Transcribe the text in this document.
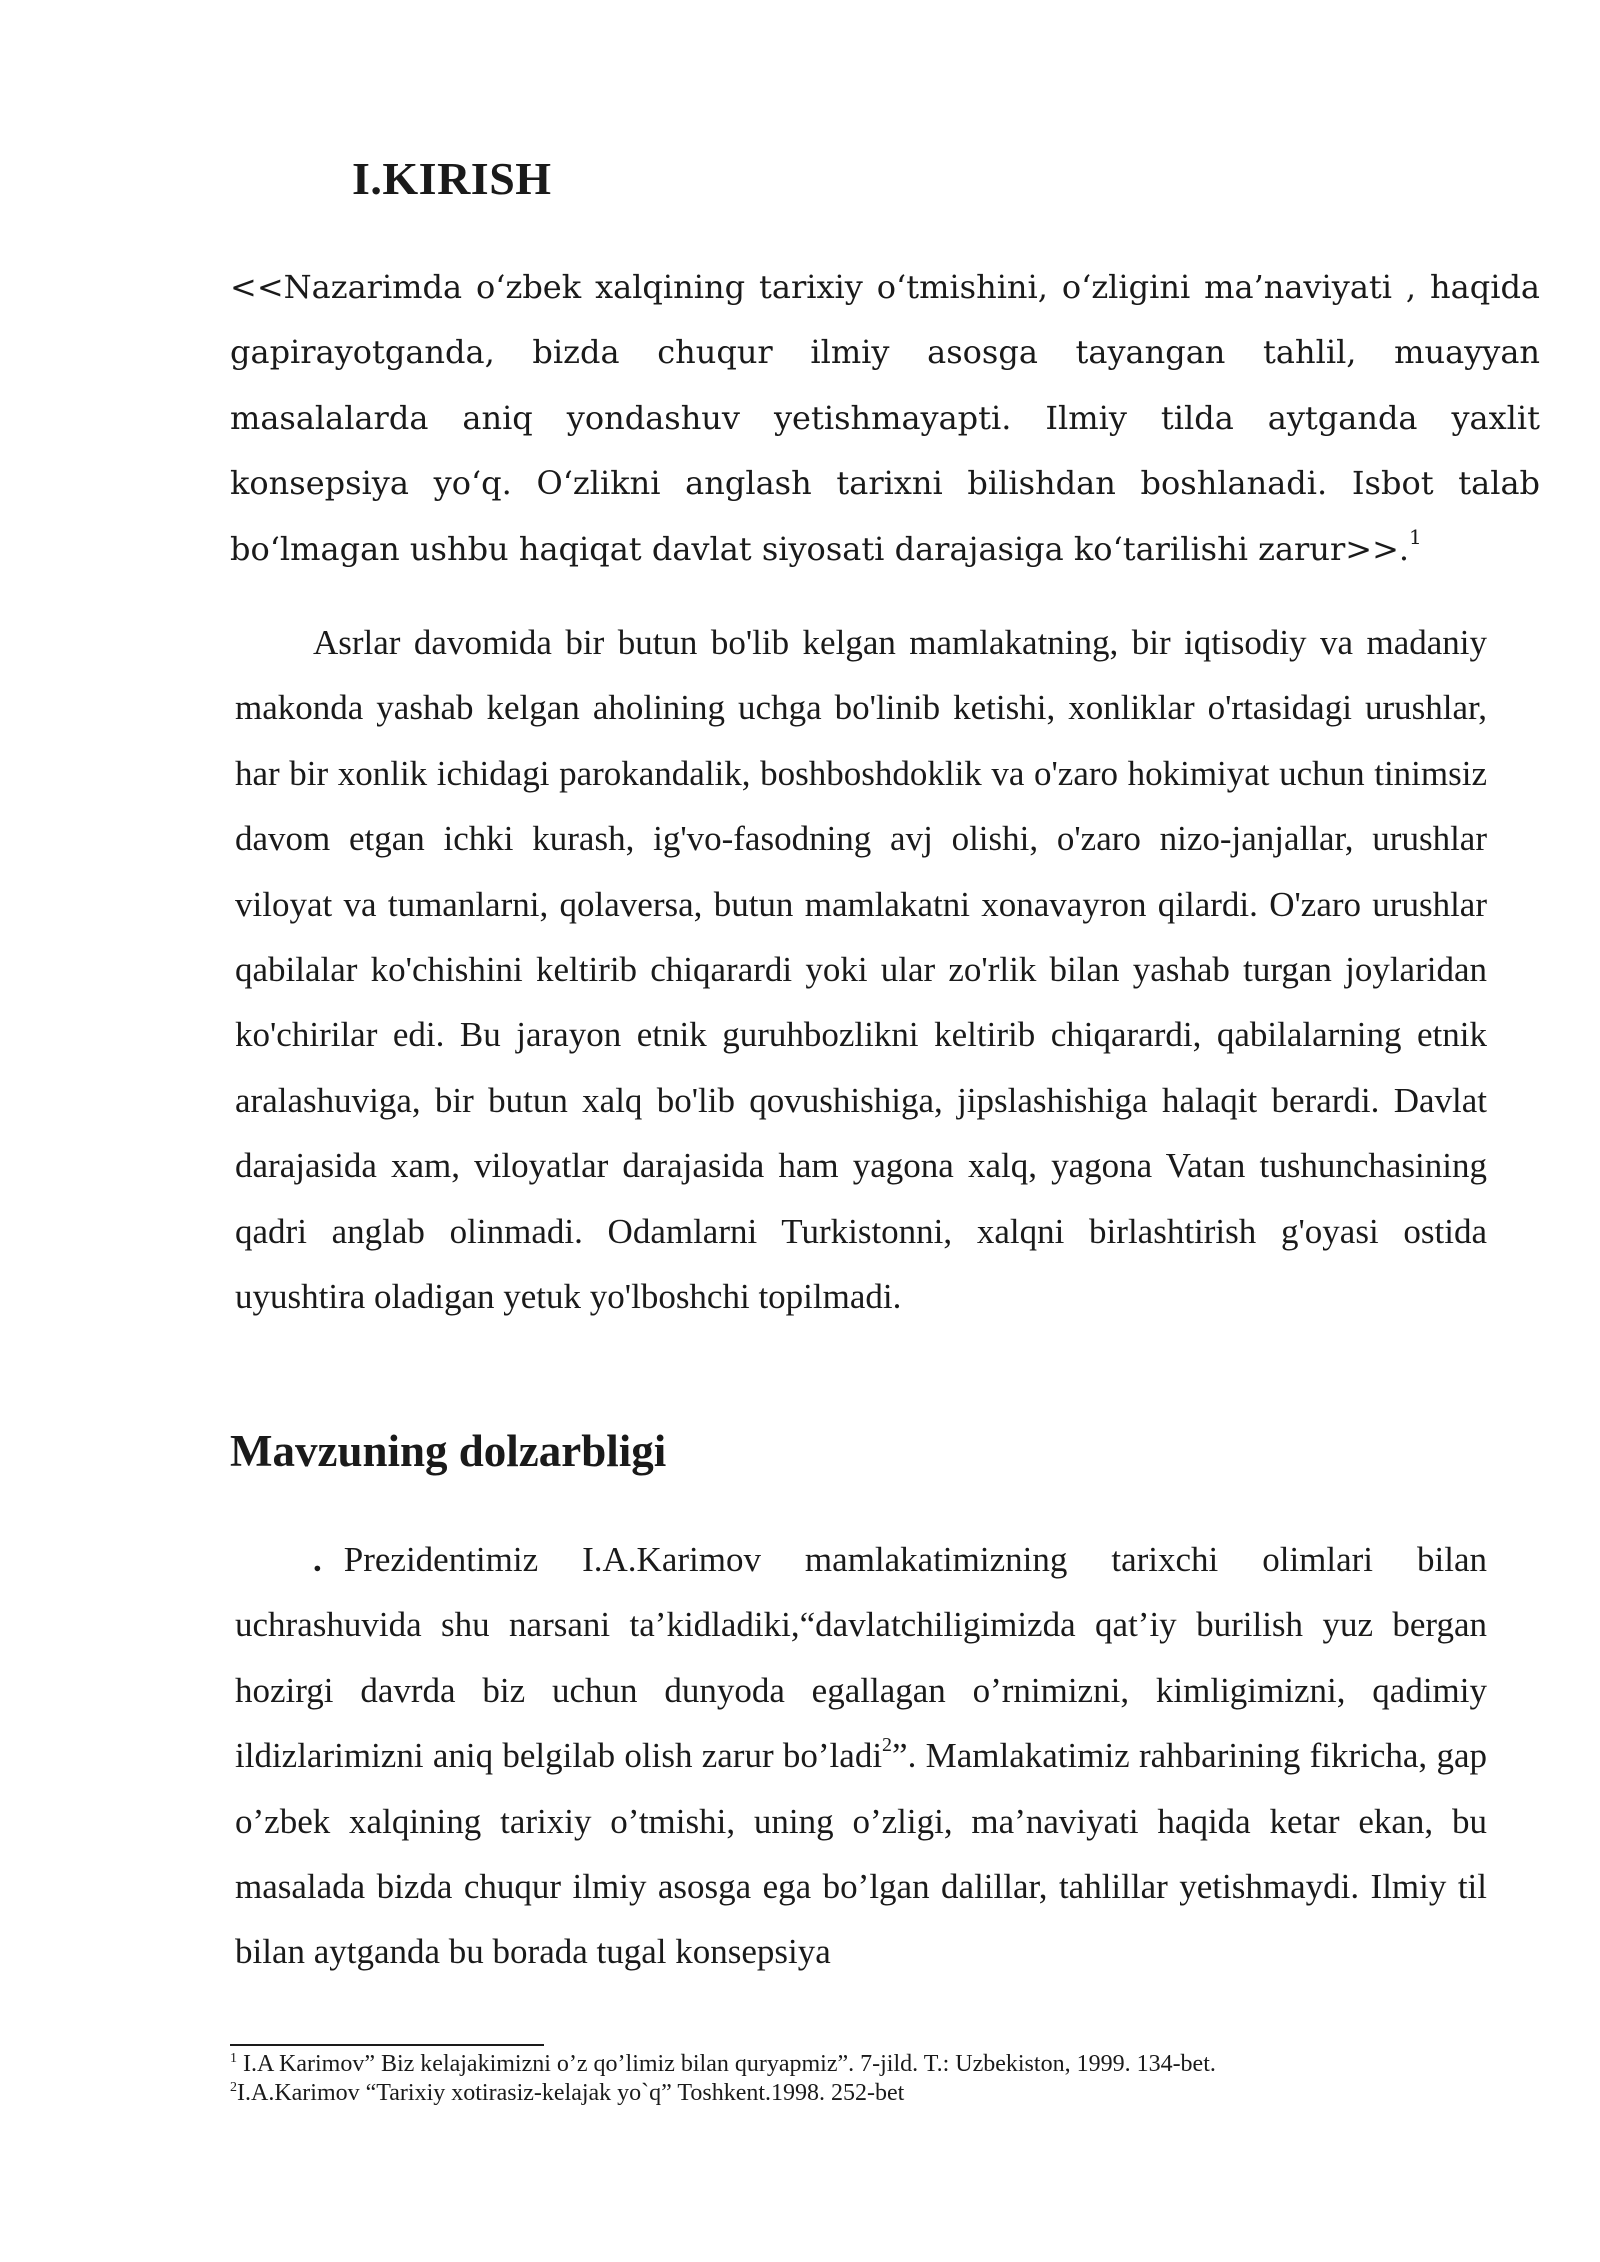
I.KIRISH

<<Nazarimda o‘zbek xalqining tarixiy o‘tmishini, o‘zligini ma’naviyati , haqida gapirayotganda, bizda chuqur ilmiy asosga tayangan tahlil, muayyan masalalarda aniq yondashuv yetishmayapti. Ilmiy tilda aytganda yaxlit konsepsiya yo‘q. O‘zlikni anglash tarixni bilishdan boshlanadi. Isbot talab bo‘lmagan ushbu haqiqat davlat siyosati darajasiga ko‘tarilishi zarur>>.$^1$

Asrlar davomida bir butun bo'lib kelgan mamlakatning, bir iqtisodiy va madaniy makonda yashab kelgan aholining uchga bo'linib ketishi, xonliklar o'rtasidagi urushlar, har bir xonlik ichidagi parokandalik, boshboshdoklik va o'zaro hokimiyat uchun tinimsiz davom etgan ichki kurash, ig'vo-fasodning avj olishi, o'zaro nizo-janjallar, urushlar viloyat va tumanlarni, qolaversa, butun mamlakatni xonavayron qilardi. O'zaro urushlar qabilalar ko'chishini keltirib chiqarardi yoki ular zo'rlik bilan yashab turgan joylaridan ko'chirilar edi. Bu jarayon etnik guruhbozlikni keltirib chiqarardi, qabilalarning etnik aralashuviga, bir butun xalq bo'lib qovushishiga, jipslashishiga halaqit berardi. Davlat darajasida xam, viloyatlar darajasida ham yagona xalq, yagona Vatan tushunchasining qadri anglab olinmadi. Odamlarni Turkistonni, xalqni birlashtirish g'oyasi ostida uyushtira oladigan yetuk yo'lboshchi topilmadi.

Mavzuning dolzarbligi

. Prezidentimiz I.A.Karimov mamlakatimizning tarixchi olimlari bilan uchrashuvida shu narsani ta’kidladiki,“davlatchiligimizda qat’iy burilish yuz bergan hozirgi davrda biz uchun dunyoda egallagan o’rnimizni, kimligimizni, qadimiy ildizlarimizni aniq belgilab olish zarur bo’ladi$^2$”. Mamlakatimiz rahbarining fikricha, gap o’zbek xalqining tarixiy o’tmishi, uning o’zligi, ma’naviyati haqida ketar ekan, bu masalada bizda chuqur ilmiy asosga ega bo’lgan dalillar, tahlillar yetishmaydi. Ilmiy til bilan aytganda bu borada tugal konsepsiya

$^1$ I.A Karimov” Biz kelajakimizni o’z qo’limiz bilan quryapmiz”. 7-jild. T.: Uzbekiston, 1999. 134-bet.

$^2$I.A.Karimov “Tarixiy xotirasiz-kelajak yo`q” Toshkent.1998. 252-bet
